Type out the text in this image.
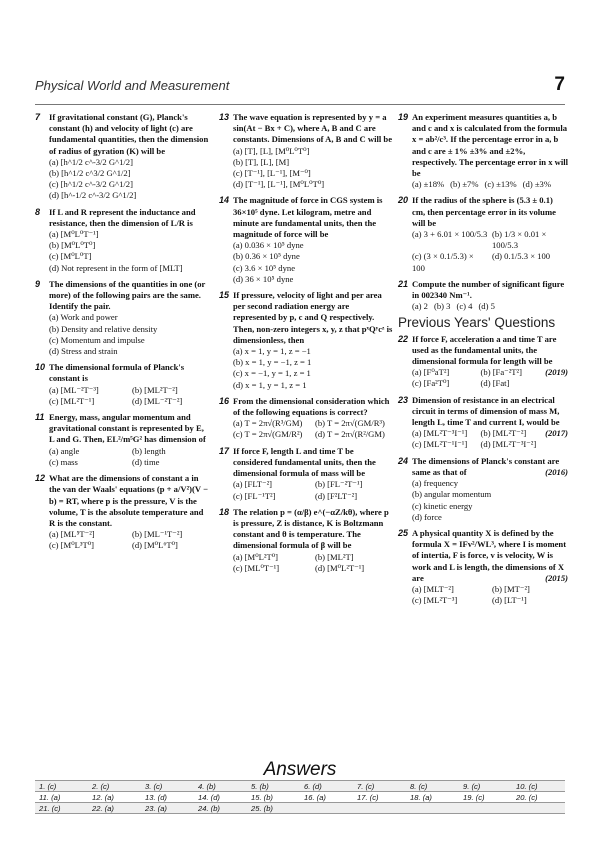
Physical World and Measurement	7
7	If gravitational constant (G), Planck's constant (h) and velocity of light (c) are fundamental quantities, then the dimension of radius of gyration (K) will be
(a) [h^1/2 c^-3/2 G^1/2]
(b) [h^1/2 c^3/2 G^1/2]
(c) [h^1/2 c^-3/2 G^1/2]
(d) [h^-1/2 c^-3/2 G^1/2]
8	If L and R represent the inductance and resistance, then the dimension of L/R is
(a) [M⁰L⁰T⁻¹]
(b) [M⁰L⁰T⁰]
(c) [M⁰L⁰T]
(d) Not represent in the form of [MLT]
9	The dimensions of the quantities in one (or more) of the following pairs are the same. Identify the pair.
(a) Work and power
(b) Density and relative density
(c) Momentum and impulse
(d) Stress and strain
10 The dimensional formula of Planck's constant is
(a) [ML⁻²T⁻³]	(b) [ML²T⁻²]
(c) [ML²T⁻¹]	(d) [ML⁻²T⁻²]
11 Energy, mass, angular momentum and gravitational constant is represented by E, L and G. Then, EL²/m⁵G² has dimension of
(a) angle	(b) length
(c) mass	(d) time
12 What are the dimensions of constant a in the van der Waals' equations (p + a/V²)(V − b) = RT, where p is the pressure, V is the volume, T is the absolute temperature and R is the constant.
(a) [ML⁵T⁻²]	(b) [ML⁻¹T⁻²]
(c) [M⁰L³T⁰]	(d) [M⁰L⁶T⁰]
13 The wave equation is represented by y = a sin(At − Bx + C), where A, B and C are constants. Dimensions of A, B and C will be
(a) [T], [L], [M⁰L⁰T⁰]
(b) [T], [L], [M]
(c) [T⁻¹], [L⁻¹], [M⁻⁰]
(d) [T⁻¹], [L⁻¹], [M⁰L⁰T⁰]
14 The magnitude of force in CGS system is 36×10⁵ dyne. Let kilogram, metre and minute are fundamental units, then the magnitude of force will be
(a) 0.036 × 10⁵ dyne
(b) 0.36 × 10⁵ dyne
(c) 3.6 × 10⁵ dyne
(d) 36 × 10⁵ dyne
15 If pressure, velocity of light and per area per second radiation energy are represented by p, c and Q respectively. Then, non-zero integers x, y, z that pˣQʸcᶻ is dimensionless, then
(a) x = 1, y = 1, z = −1
(b) x = 1, y = −1, z = 1
(c) x = −1, y = 1, z = 1
(d) x = 1, y = 1, z = 1
16 From the dimensional consideration which of the following equations is correct?
(a) T = 2π√(R³/GM)	(b) T = 2π√(GM/R³)
(c) T = 2π√(GM/R²)	(d) T = 2π√(R²/GM)
17 If force F, length L and time T be considered fundamental units, then the dimensional formula of mass will be
(a) [FLT⁻²]	(b) [FL⁻²T⁻¹]
(c) [FL⁻¹T²]	(d) [F²LT⁻²]
18 The relation p = (α/β) e^(−αZ/kθ), where p is pressure, Z is distance, K is Boltzmann constant and θ is temperature. The dimensional formula of β will be
(a) [M⁰L²T⁰]	(b) [ML²T]
(c) [ML⁰T⁻¹]	(d) [M⁰L²T⁻¹]
19 An experiment measures quantities a, b and c and x is calculated from the formula x = ab²/c³. If the percentage error in a, b and c are ± 1% ±3% and ±2%, respectively. The percentage error in x will be
(a) ±18% (b) ±7% (c) ±13% (d) ±3%
20 If the radius of the sphere is (5.3 ± 0.1) cm, then percentage error in its volume will be
(a) 3 + 6.01 × 100/5.3 (b) 1/3 × 0.01 × 100/5.3
(c) (3 × 0.1/5.3) × 100
(d) 0.1/5.3 × 100
21 Compute the number of significant figure in 002340 Nm⁻¹.
(a) 2 (b) 3 (c) 4 (d) 5
Previous Years' Questions
22 If force F, acceleration a and time T are used as the fundamental units, the dimensional formula for length will be
(2019)
(a) [F⁰aT²]	(b) [Fa⁻²T²]
(c) [Fa²T⁰]	(d) [Fat]
23 Dimension of resistance in an electrical circuit in terms of dimension of mass M, length L, time T and current I, would be
(2017)
(a) [ML²T⁻³I⁻¹]	(b) [ML²T⁻²]
(c) [ML²T⁻¹I⁻¹]	(d) [ML²T⁻³I⁻²]
24 The dimensions of Planck's constant are same as that of	(2016)
(a) frequency
(b) angular momentum
(c) kinetic energy
(d) force
25 A physical quantity X is defined by the formula X = IFv²/WL³, where I is moment of intertia, F is force, v is velocity, W is work and L is length, the dimensions of X are	(2015)
(a) [MLT⁻²]	(b) [MT⁻²]
(c) [ML²T⁻³]	(d) [LT⁻¹]
Answers
1. (c)	2. (c)	3. (c)	4. (b)	5. (b)	6. (d)	7. (c)	8. (c)	9. (c)	10. (c)
11. (a)	12. (a)	13. (d)	14. (d)	15. (b)	16. (a)	17. (c)	18. (a)	19. (c)	20. (c)
21. (c)	22. (a)	23. (a)	24. (b)	25. (b)					
